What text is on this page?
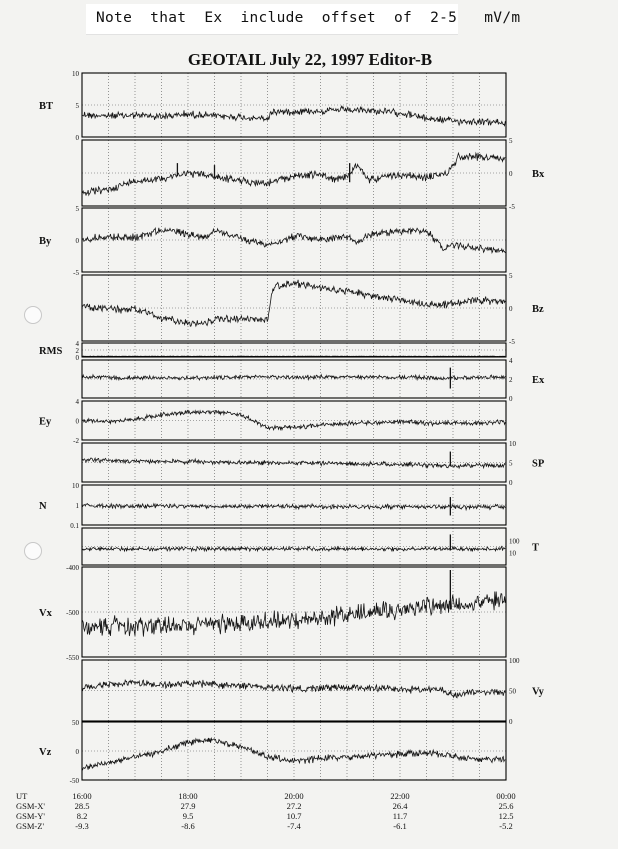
Note  that  Ex  include  offset  of  2-5   mV/m
GEOTAIL July 22, 1997 Editor-B
10
5
0
BT
5
0
-5
Bx
5
0
-5
By
5
0
-5
Bz
4
2
0
RMS
4
2
0
Ex
4
0
-2
Ey
10
5
0
SP
10
1
0.1
N
100
10
T
-400
-500
-550
Vx
100
50
0
Vy
50
0
-50
Vz
UT	16:00	18:00	20:00	22:00	00:00
GSM-X'	28.5	27.9	27.2	26.4	25.6
GSM-Y'	8.2	9.5	10.7	11.7	12.5
GSM-Z'	-9.3	-8.6	-7.4	-6.1	-5.2
